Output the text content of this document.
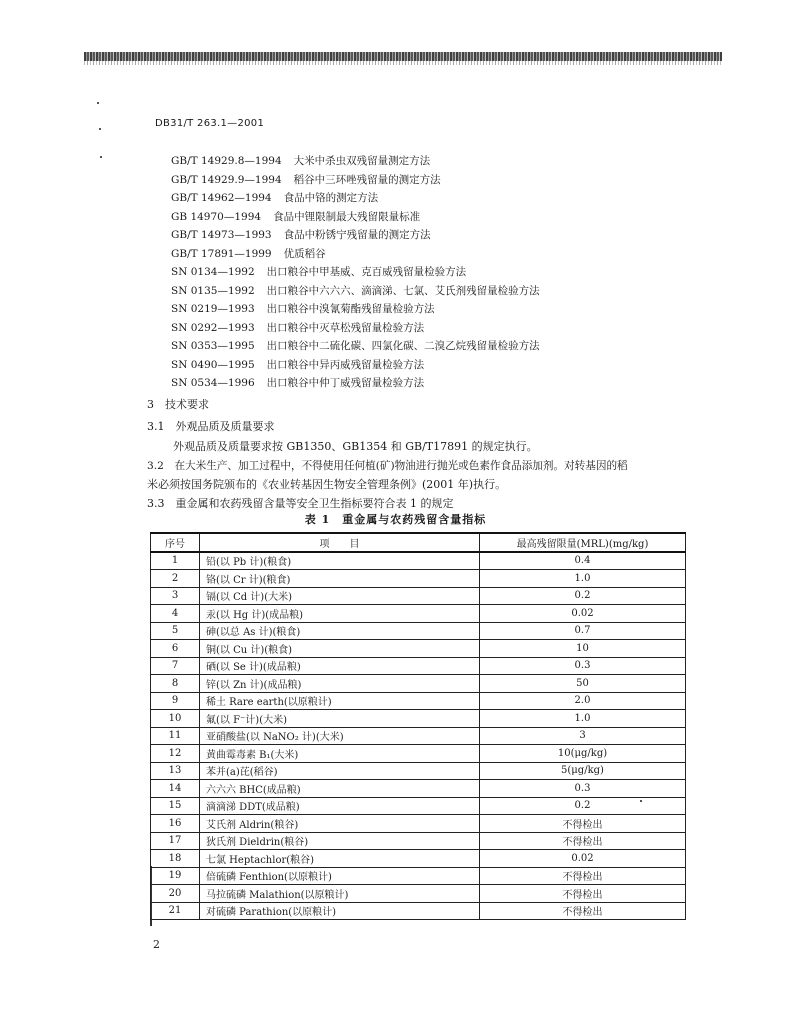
DB31/T 263.1—2001
GB/T 14929.8—1994 大米中杀虫双残留量测定方法
GB/T 14929.9—1994 稻谷中三环唑残留量的测定方法
GB/T 14962—1994 食品中铬的测定方法
GB 14970—1994 食品中锂限制最大残留限量标准
GB/T 14973—1993 食品中粉锈宁残留量的测定方法
GB/T 17891—1999 优质稻谷
SN 0134—1992 出口粮谷中甲基威、克百威残留量检验方法
SN 0135—1992 出口粮谷中六六六、滴滴涕、七氯、艾氏剂残留量检验方法
SN 0219—1993 出口粮谷中溴氰菊酯残留量检验方法
SN 0292—1993 出口粮谷中灭草松残留量检验方法
SN 0353—1995 出口粮谷中二硫化碳、四氯化碳、二溴乙烷残留量检验方法
SN 0490—1995 出口粮谷中异丙威残留量检验方法
SN 0534—1996 出口粮谷中仲丁威残留量检验方法
3　技术要求
3.1　外观品质及质量要求
外观品质及质量要求按 GB1350、GB1354 和 GB/T17891 的规定执行。
3.2　在大米生产、加工过程中，不得使用任何植(矿)物油进行抛光或色素作食品添加剂。对转基因的稻
米必须按国务院颁布的《农业转基因生物安全管理条例》(2001 年)执行。
3.3　重金属和农药残留含量等安全卫生指标要符合表 1 的规定
表 1　重金属与农药残留含量指标
序号	项　　目	最高残留限量(MRL)(mg/kg)
1	铅(以 Pb 计)(粮食)	0.4
2	铬(以 Cr 计)(粮食)	1.0
3	镉(以 Cd 计)(大米)	0.2
4	汞(以 Hg 计)(成品粮)	0.02
5	砷(以总 As 计)(粮食)	0.7
6	铜(以 Cu 计)(粮食)	10
7	硒(以 Se 计)(成品粮)	0.3
8	锌(以 Zn 计)(成品粮)	50
9	稀土 Rare earth(以原粮计)	2.0
10	氟(以 F⁻计)(大米)	1.0
11	亚硝酸盐(以 NaNO₂ 计)(大米)	3
12	黄曲霉毒素 B₁(大米)	10(μg/kg)
13	苯并(a)芘(稻谷)	5(μg/kg)
14	六六六 BHC(成品粮)	0.3
15	滴滴涕 DDT(成品粮)	0.2
16	艾氏剂 Aldrin(粮谷)	不得检出
17	狄氏剂 Dieldrin(粮谷)	不得检出
18	七氯 Heptachlor(粮谷)	0.02
19	倍硫磷 Fenthion(以原粮计)	不得检出
20	马拉硫磷 Malathion(以原粮计)	不得检出
21	对硫磷 Parathion(以原粮计)	不得检出
2
